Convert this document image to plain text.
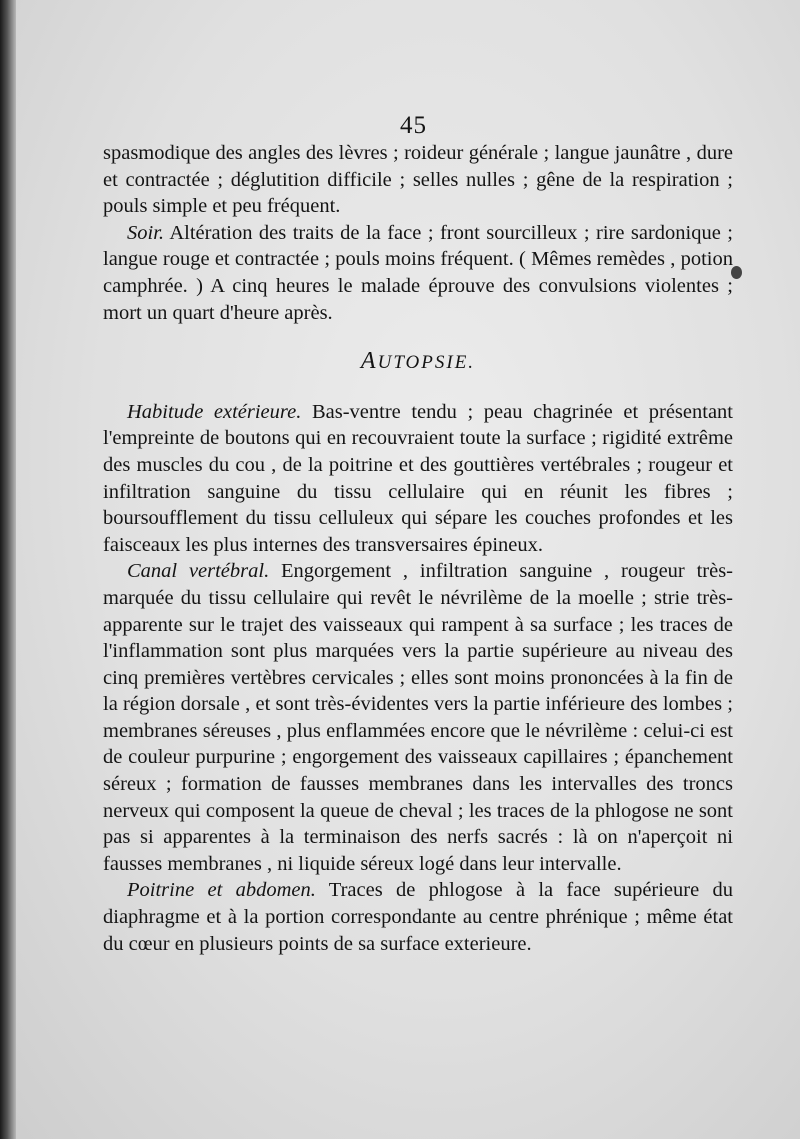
45

spasmodique des angles des lèvres ; roideur générale ; langue jaunâtre , dure et contractée ; déglutition difficile ; selles nulles ; gêne de la respiration ; pouls simple et peu fréquent.

Soir. Altération des traits de la face ; front sourcilleux ; rire sardonique ; langue rouge et contractée ; pouls moins fréquent. ( Mêmes remèdes , potion camphrée. ) A cinq heures le malade éprouve des convulsions violentes ; mort un quart d'heure après.

AUTOPSIE.

Habitude extérieure. Bas-ventre tendu ; peau chagrinée et présentant l'empreinte de boutons qui en recouvraient toute la surface ; rigidité extrême des muscles du cou , de la poitrine et des gouttières vertébrales ; rougeur et infiltration sanguine du tissu cellulaire qui en réunit les fibres ; boursoufflement du tissu celluleux qui sépare les couches profondes et les faisceaux les plus internes des transversaires épineux.

Canal vertébral. Engorgement , infiltration sanguine , rougeur très-marquée du tissu cellulaire qui revêt le névrilème de la moelle ; strie très-apparente sur le trajet des vaisseaux qui rampent à sa surface ; les traces de l'inflammation sont plus marquées vers la partie supérieure au niveau des cinq premières vertèbres cervicales ; elles sont moins prononcées à la fin de la région dorsale , et sont très-évidentes vers la partie inférieure des lombes ; membranes séreuses , plus enflammées encore que le névrilème : celui-ci est de couleur purpurine ; engorgement des vaisseaux capillaires ; épanchement séreux ; formation de fausses membranes dans les intervalles des troncs nerveux qui composent la queue de cheval ; les traces de la phlogose ne sont pas si apparentes à la terminaison des nerfs sacrés : là on n'aperçoit ni fausses membranes , ni liquide séreux logé dans leur intervalle.

Poitrine et abdomen. Traces de phlogose à la face supérieure du diaphragme et à la portion correspondante au centre phrénique ; même état du cœur en plusieurs points de sa surface exterieure.
